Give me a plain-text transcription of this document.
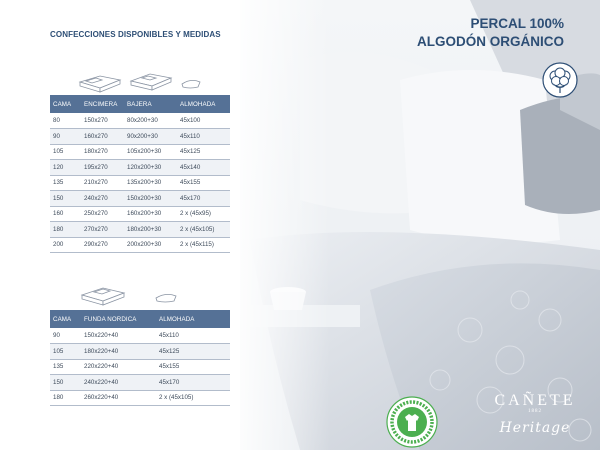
CONFECCIONES DISPONIBLES Y MEDIDAS
PERCAL 100%
ALGODÓN ORGÁNICO
CAMA	ENCIMERA	BAJERA	ALMOHADA
80	150x270	80x200+30	45x100
90	160x270	90x200+30	45x110
105	180x270	105x200+30	45x125
120	195x270	120x200+30	45x140
135	210x270	135x200+30	45x155
150	240x270	150x200+30	45x170
160	250x270	160x200+30	2 x (45x95)
180	270x270	180x200+30	2 x (45x105)
200	290x270	200x200+30	2 x (45x115)
CAMA	FUNDA NORDICA	ALMOHADA
90	150x220+40	45x110
105	180x220+40	45x125
135	220x220+40	45x155
150	240x220+40	45x170
180	260x220+40	2 x (45x105)	CAÑETE
1882
Heritage
